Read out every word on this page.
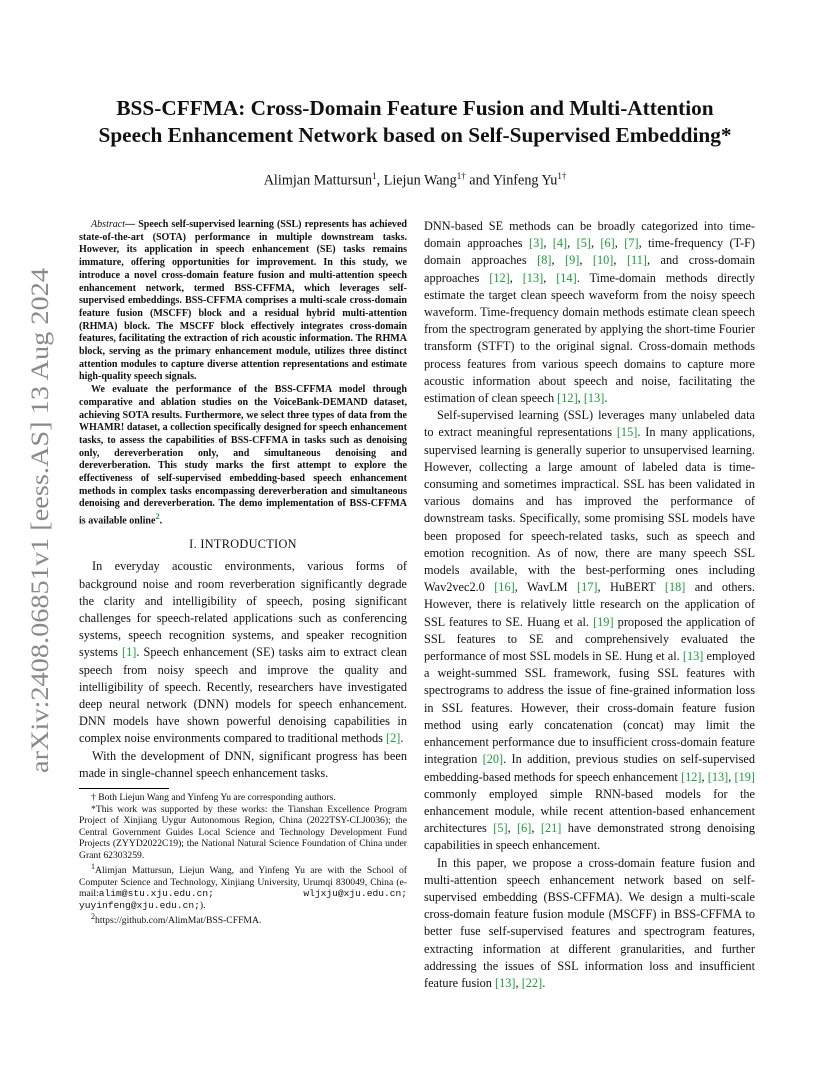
arXiv:2408.06851v1 [eess.AS] 13 Aug 2024
BSS-CFFMA: Cross-Domain Feature Fusion and Multi-Attention
Speech Enhancement Network based on Self-Supervised Embedding*
Alimjan Mattursun$^1$, Liejun Wang$^{1\dagger}$ and Yinfeng $Yu^{1\dagger}$

Abstract— Speech self-supervised learning (SSL) represents has achieved state-of-the-art (SOTA) performance in multiple downstream tasks. However, its application in speech enhancement (SE) tasks remains immature, offering opportunities for improvement. In this study, we introduce a novel cross-domain feature fusion and multi-attention speech enhancement network, termed BSS-CFFMA, which leverages self-supervised embeddings. BSS-CFFMA comprises a multi-scale cross-domain feature fusion (MSCFF) block and a residual hybrid multi-attention (RHMA) block. The MSCFF block effectively integrates cross-domain features, facilitating the extraction of rich acoustic information. The RHMA block, serving as the primary enhancement module, utilizes three distinct attention modules to capture diverse attention representations and estimate high-quality speech signals.

We evaluate the performance of the BSS-CFFMA model through comparative and ablation studies on the VoiceBank-DEMAND dataset, achieving SOTA results. Furthermore, we select three types of data from the WHAMR! dataset, a collection specifically designed for speech enhancement tasks, to assess the capabilities of BSS-CFFMA in tasks such as denoising only, dereverberation only, and simultaneous denoising and dereverberation. This study marks the first attempt to explore the effectiveness of self-supervised embedding-based speech enhancement methods in complex tasks encompassing dereverberation and simultaneous denoising and dereverberation. The demo implementation of BSS-CFFMA is available online$^2$.

I. INTRODUCTION

In everyday acoustic environments, various forms of background noise and room reverberation significantly degrade the clarity and intelligibility of speech, posing significant challenges for speech-related applications such as conferencing systems, speech recognition systems, and speaker recognition systems [1]. Speech enhancement (SE) tasks aim to extract clean speech from noisy speech and improve the quality and intelligibility of speech. Recently, researchers have investigated deep neural network (DNN) models for speech enhancement. DNN models have shown powerful denoising capabilities in complex noise environments compared to traditional methods [2].

With the development of DNN, significant progress has been made in single-channel speech enhancement tasks.

† Both Liejun Wang and Yinfeng Yu are corresponding authors.

*This work was supported by these works: the Tianshan Excellence Program Project of Xinjiang Uygur Autonomous Region, China (2022TSY-CLJ0036); the Central Government Guides Local Science and Technology Development Fund Projects (ZYYD2022C19); the National Natural Science Foundation of China under Grant 62303259.

$^1$Alimjan Mattursun, Liejun Wang, and Yinfeng Yu are with the School of Computer Science and Technology, Xinjiang University, Urumqi 830049, China (e-mail:alim@stu.xju.edu.cn; wljxju@xju.edu.cn; yuyinfeng@xju.edu.cn;).

$^2$https://github.com/AlimMat/BSS-CFFMA.

DNN-based SE methods can be broadly categorized into time-domain approaches [3], [4], [5], [6], [7], time-frequency (T-F) domain approaches [8], [9], [10], [11], and cross-domain approaches [12], [13], [14]. Time-domain methods directly estimate the target clean speech waveform from the noisy speech waveform. Time-frequency domain methods estimate clean speech from the spectrogram generated by applying the short-time Fourier transform (STFT) to the original signal. Cross-domain methods process features from various speech domains to capture more acoustic information about speech and noise, facilitating the estimation of clean speech [12], [13].

Self-supervised learning (SSL) leverages many unlabeled data to extract meaningful representations [15]. In many applications, supervised learning is generally superior to unsupervised learning. However, collecting a large amount of labeled data is time-consuming and sometimes impractical. SSL has been validated in various domains and has improved the performance of downstream tasks. Specifically, some promising SSL models have been proposed for speech-related tasks, such as speech and emotion recognition. As of now, there are many speech SSL models available, with the best-performing ones including Wav2vec2.0 [16], WavLM [17], HuBERT [18] and others. However, there is relatively little research on the application of SSL features to SE. Huang et al. [19] proposed the application of SSL features to SE and comprehensively evaluated the performance of most SSL models in SE. Hung et al. [13] employed a weight-summed SSL framework, fusing SSL features with spectrograms to address the issue of fine-grained information loss in SSL features. However, their cross-domain feature fusion method using early concatenation (concat) may limit the enhancement performance due to insufficient cross-domain feature integration [20]. In addition, previous studies on self-supervised embedding-based methods for speech enhancement [12], [13], [19] commonly employed simple RNN-based models for the enhancement module, while recent attention-based enhancement architectures [5], [6], [21] have demonstrated strong denoising capabilities in speech enhancement.

In this paper, we propose a cross-domain feature fusion and multi-attention speech enhancement network based on self-supervised embedding (BSS-CFFMA). We design a multi-scale cross-domain feature fusion module (MSCFF) in BSS-CFFMA to better fuse self-supervised features and spectrogram features, extracting information at different granularities, and further addressing the issues of SSL information loss and insufficient feature fusion [13], [22].
